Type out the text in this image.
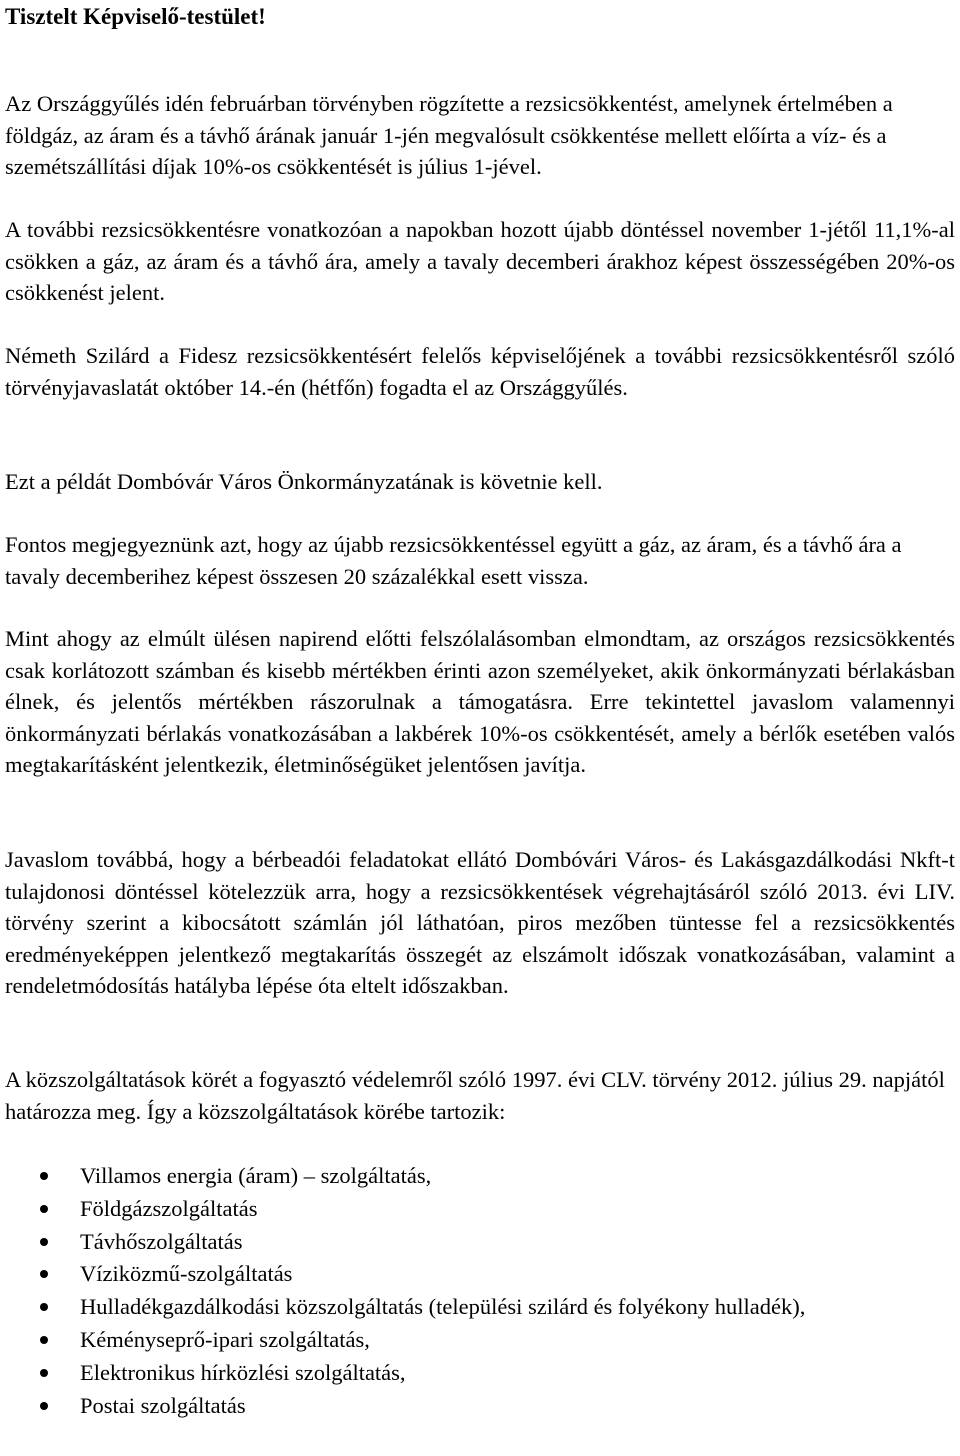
Tisztelt Képviselő-testület!

Az Országgyűlés idén februárban törvényben rögzítette a rezsicsökkentést, amelynek értelmében a földgáz, az áram és a távhő árának január 1-jén megvalósult csökkentése mellett előírta a víz- és a szemétszállítási díjak 10%-os csökkentését is július 1-jével.

A további rezsicsökkentésre vonatkozóan a napokban hozott újabb döntéssel november 1-jétől 11,1%-al csökken a gáz, az áram és a távhő ára, amely a tavaly decemberi árakhoz képest összességében 20%-os csökkenést jelent.

Németh Szilárd a Fidesz rezsicsökkentésért felelős képviselőjének a további rezsicsökkentésről szóló törvényjavaslatát október 14.-én (hétfőn) fogadta el az Országgyűlés.

Ezt a példát Dombóvár Város Önkormányzatának is követnie kell.

Fontos megjegyeznünk azt, hogy az újabb rezsicsökkentéssel együtt a gáz, az áram, és a távhő ára a tavaly decemberihez képest összesen 20 százalékkal esett vissza.

Mint ahogy az elmúlt ülésen napirend előtti felszólalásomban elmondtam, az országos rezsicsökkentés csak korlátozott számban és kisebb mértékben érinti azon személyeket, akik önkormányzati bérlakásban élnek, és jelentős mértékben rászorulnak a támogatásra. Erre tekintettel javaslom valamennyi önkormányzati bérlakás vonatkozásában a lakbérek 10%-os csökkentését, amely a bérlők esetében valós megtakarításként jelentkezik, életminőségüket jelentősen javítja.

Javaslom továbbá, hogy a bérbeadói feladatokat ellátó Dombóvári Város- és Lakásgazdálkodási Nkft-t tulajdonosi döntéssel kötelezzük arra, hogy a rezsicsökkentések végrehajtásáról szóló 2013. évi LIV. törvény szerint a kibocsátott számlán jól láthatóan, piros mezőben tüntesse fel a rezsicsökkentés eredményeképpen jelentkező megtakarítás összegét az elszámolt időszak vonatkozásában, valamint a rendeletmódosítás hatályba lépése óta eltelt időszakban.

A közszolgáltatások körét a fogyasztó védelemről szóló 1997. évi CLV. törvény 2012. július 29. napjától határozza meg. Így a közszolgáltatások körébe tartozik:

Villamos energia (áram) – szolgáltatás,
Földgázszolgáltatás
Távhőszolgáltatás
Víziközmű-szolgáltatás
Hulladékgazdálkodási közszolgáltatás (települési szilárd és folyékony hulladék),
Kéményseprő-ipari szolgáltatás,
Elektronikus hírközlési szolgáltatás,
Postai szolgáltatás
